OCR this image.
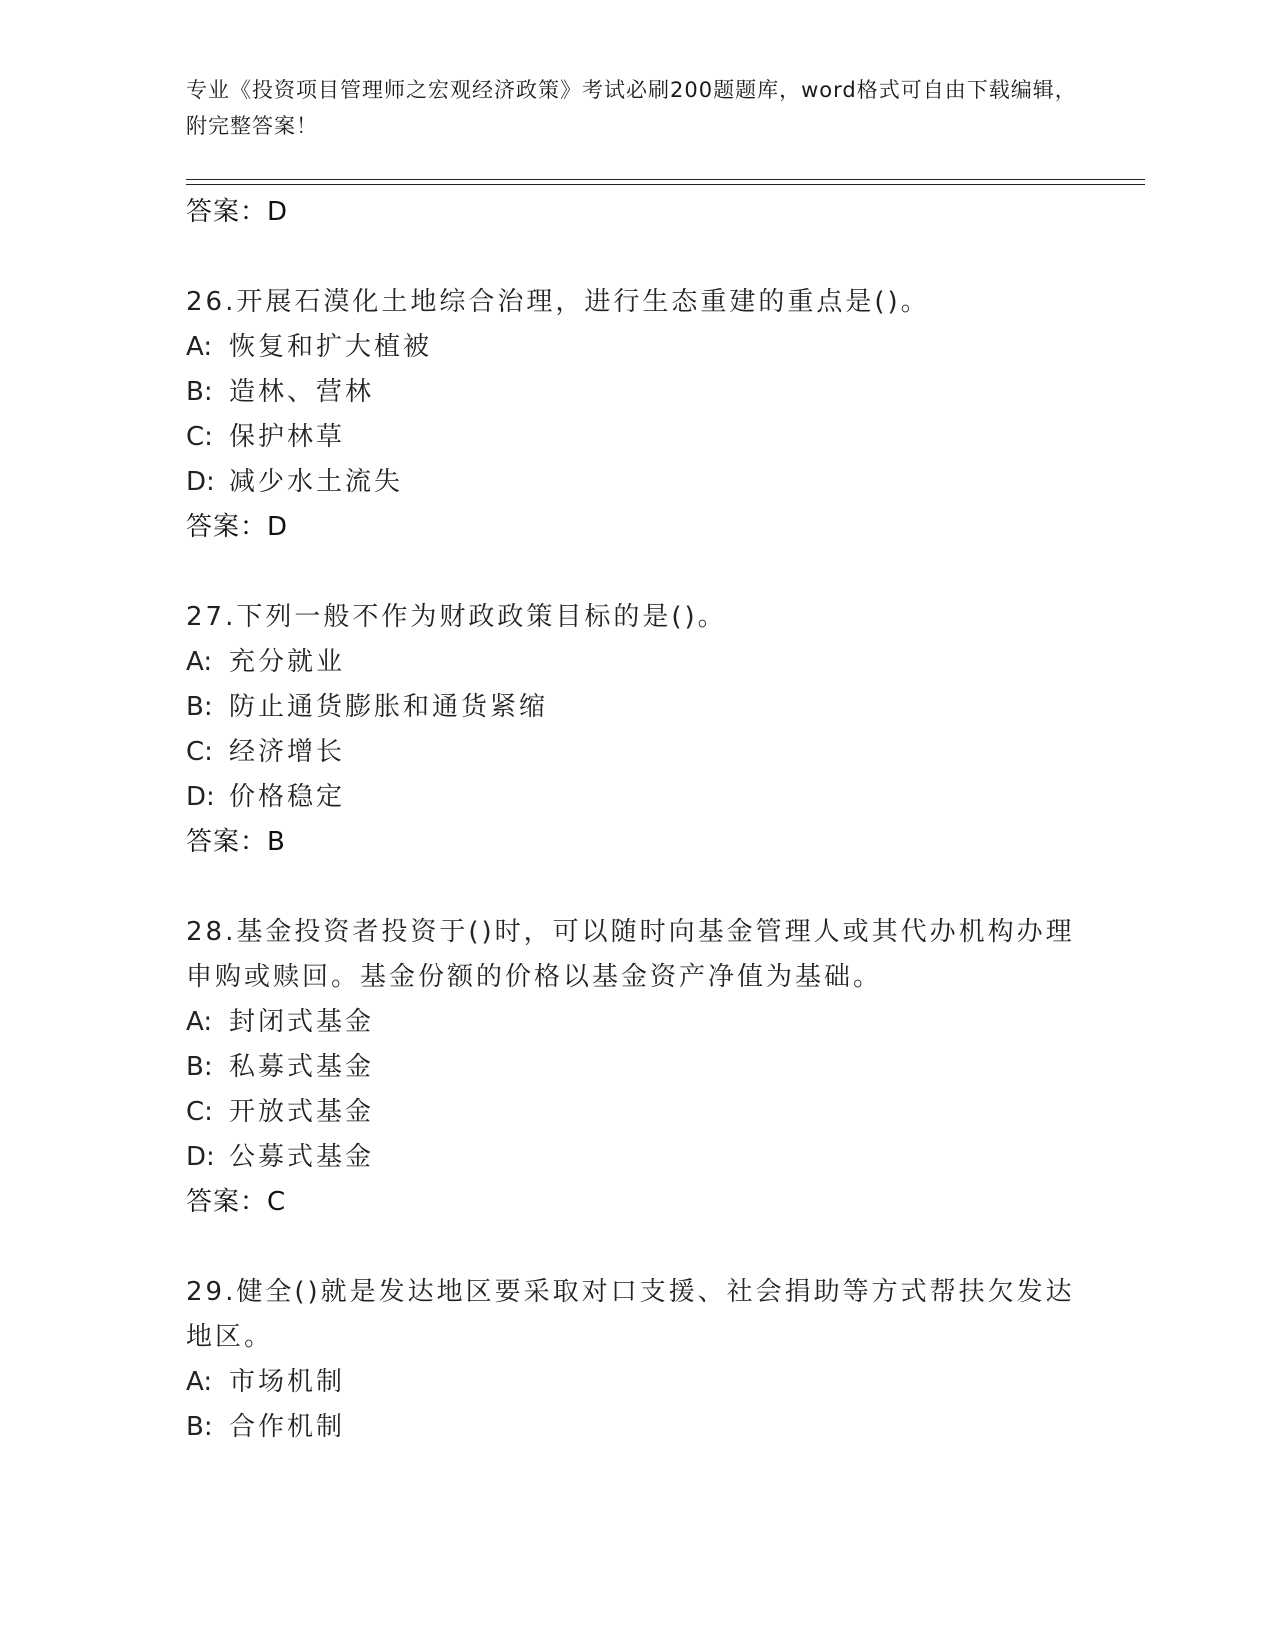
专业《投资项目管理师之宏观经济政策》考试必刷200题题库，word格式可自由下载编辑，附完整答案！
答案：D
26.开展石漠化土地综合治理，进行生态重建的重点是()。
A: 恢复和扩大植被
B: 造林、营林
C: 保护林草
D: 减少水土流失
答案：D
27.下列一般不作为财政政策目标的是()。
A: 充分就业
B: 防止通货膨胀和通货紧缩
C: 经济增长
D: 价格稳定
答案：B
28.基金投资者投资于()时，可以随时向基金管理人或其代办机构办理申购或赎回。基金份额的价格以基金资产净值为基础。
A: 封闭式基金
B: 私募式基金
C: 开放式基金
D: 公募式基金
答案：C
29.健全()就是发达地区要采取对口支援、社会捐助等方式帮扶欠发达地区。
A: 市场机制
B: 合作机制
